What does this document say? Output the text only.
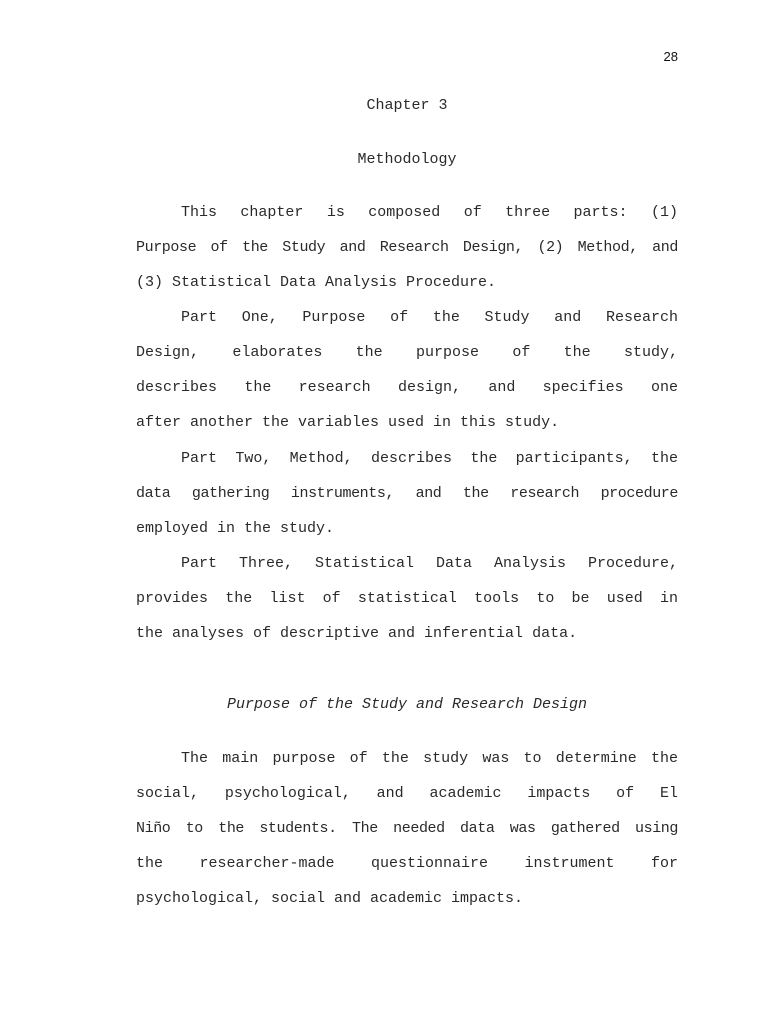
28
Chapter 3
Methodology
This chapter is composed of three parts: (1)
Purpose of the Study and Research Design, (2) Method, and
(3) Statistical Data Analysis Procedure.
Part One, Purpose of the Study and Research
Design, elaborates the purpose of the study,
describes the research design, and specifies one
after another the variables used in this study.
Part Two, Method, describes the participants, the
data gathering instruments, and the research procedure
employed in the study.
Part Three, Statistical Data Analysis Procedure,
provides the list of statistical tools to be used in
the analyses of descriptive and inferential data.
Purpose of the Study and Research Design
The main purpose of the study was to determine the
social, psychological, and academic impacts of El
Niño to the students. The needed data was gathered using
the researcher-made questionnaire instrument for
psychological, social and academic impacts.
